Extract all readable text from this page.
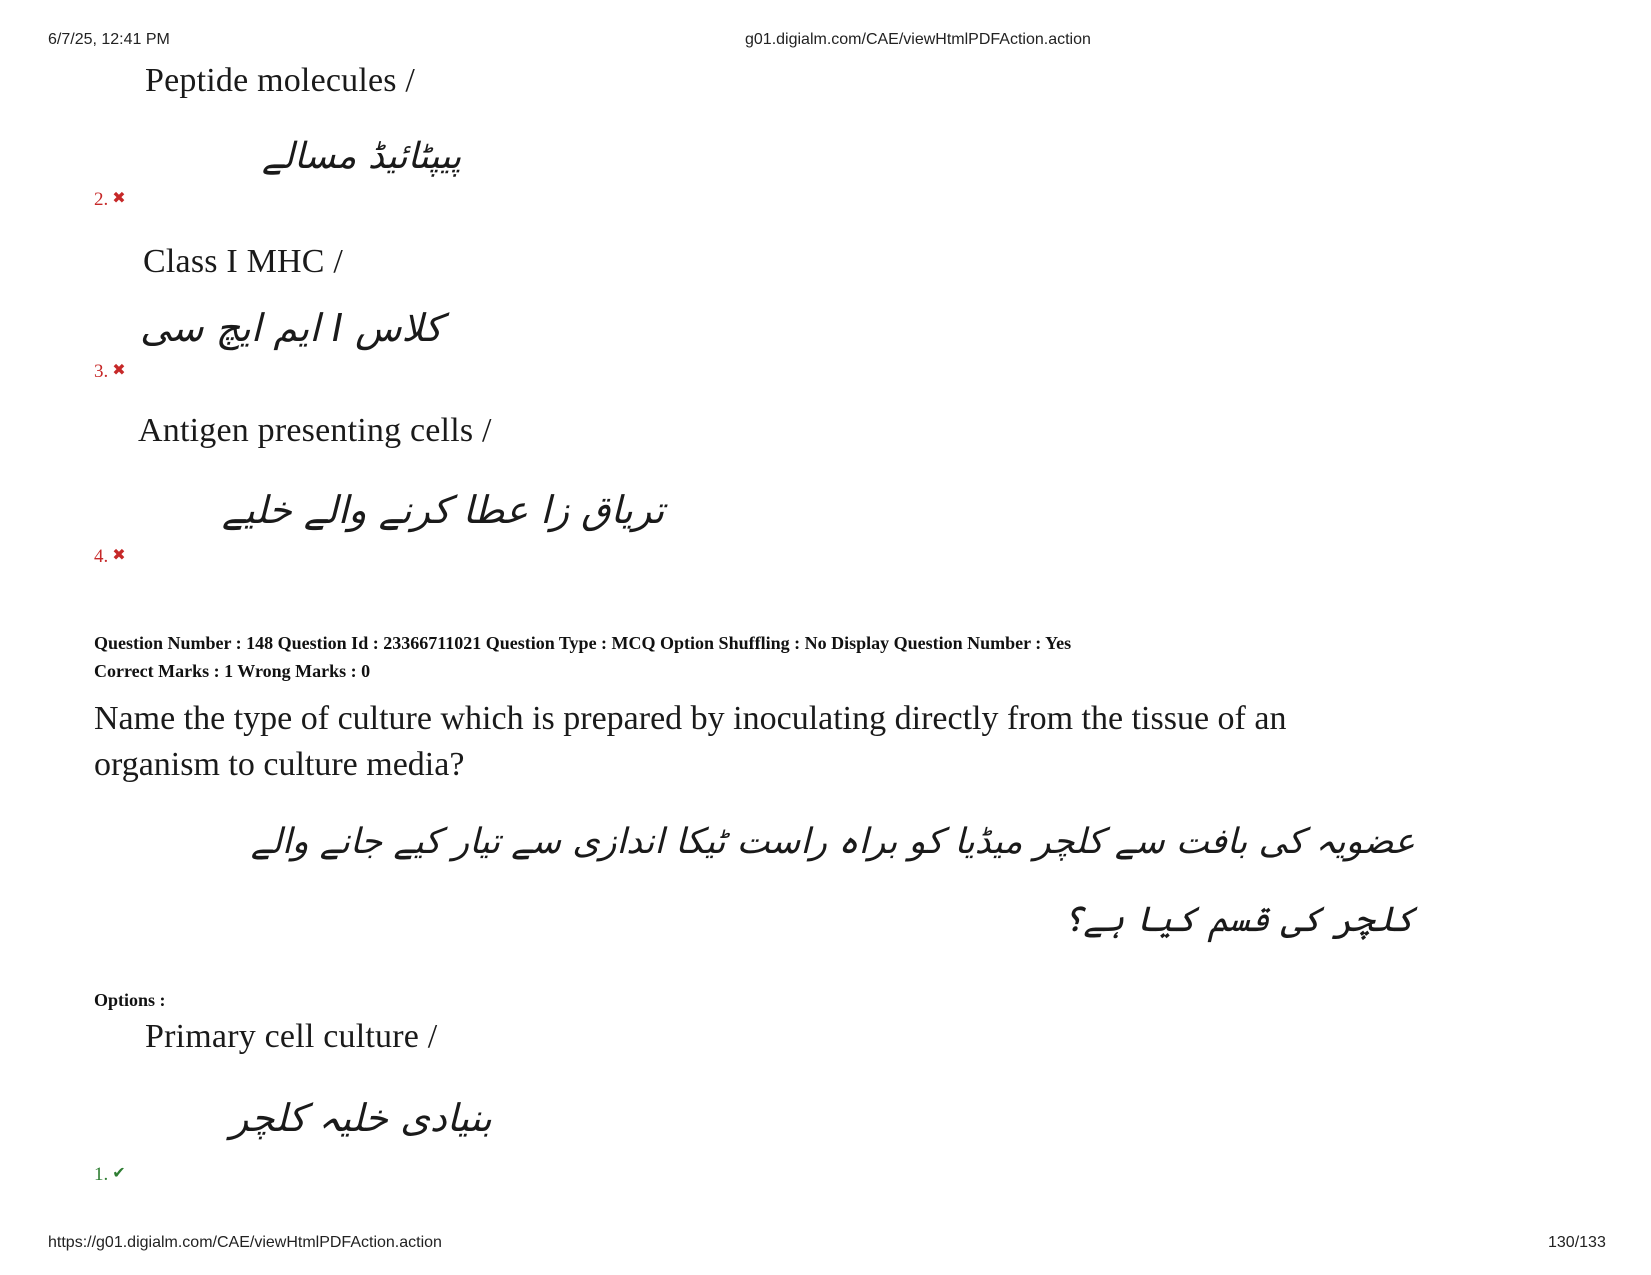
6/7/25, 12:41 PM	g01.digialm.com/CAE/viewHtmlPDFAction.action
Peptide molecules /
پیپٹائیڈ مسالے
2. ✖
Class I MHC /
کلاس I ایم ایچ سی
3. ✖
Antigen presenting cells /
تریاق زا عطا کرنے والے خلیے
4. ✖
Question Number : 148 Question Id : 23366711021 Question Type : MCQ Option Shuffling : No Display Question Number : Yes
Correct Marks : 1 Wrong Marks : 0
Name the type of culture which is prepared by inoculating directly from the tissue of an
organism to culture media?
عضویہ کی بافت سے کلچر میڈیا کو براہ راست ٹیکا اندازی سے تیار کیے جانے والے
کلچر کی قسم کیا ہے؟
Options :
Primary cell culture /
بنیادی خلیہ کلچر
1. ✔
https://g01.digialm.com/CAE/viewHtmlPDFAction.action	130/133
